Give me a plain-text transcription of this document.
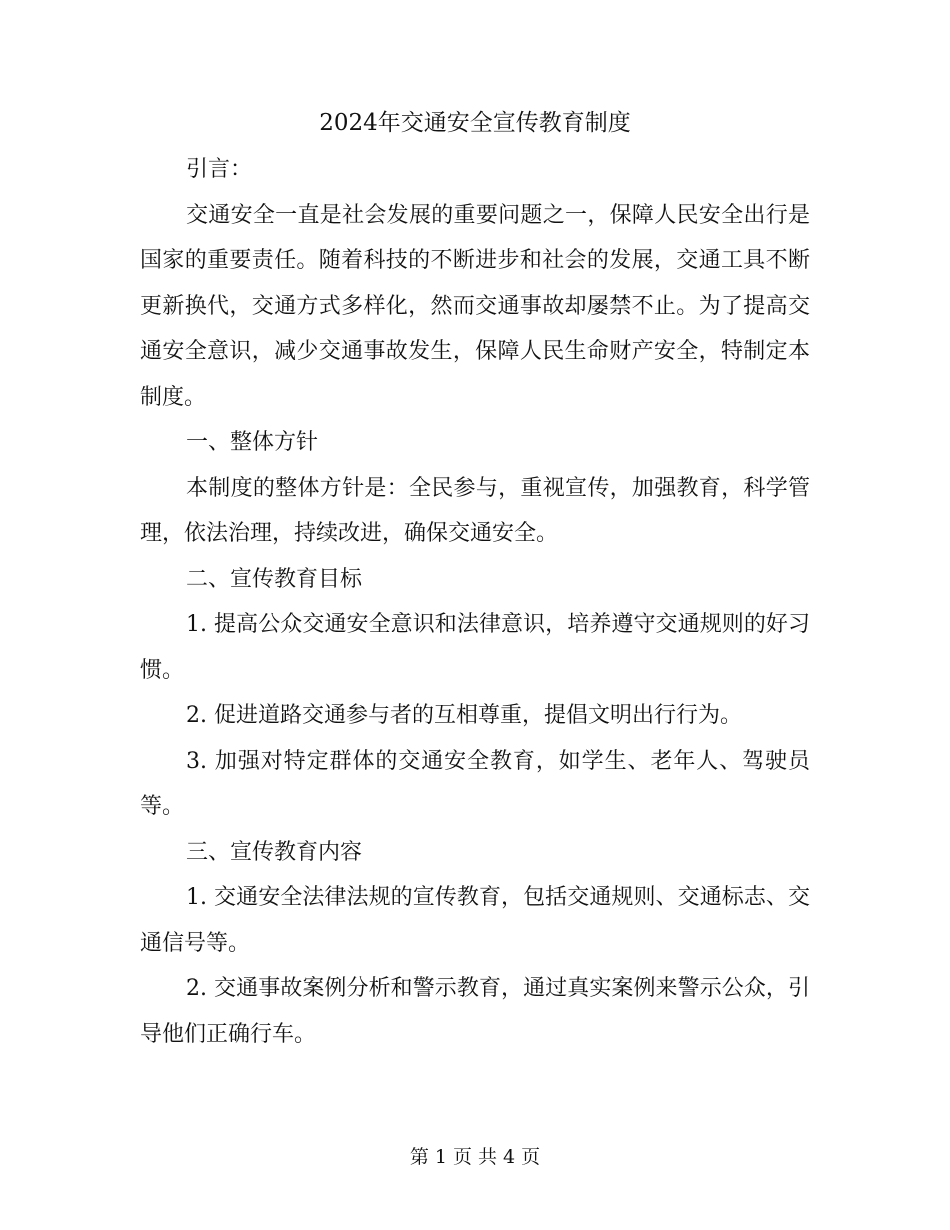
2024年交通安全宣传教育制度

引言：

交通安全一直是社会发展的重要问题之一，保障人民安全出行是国家的重要责任。随着科技的不断进步和社会的发展，交通工具不断更新换代，交通方式多样化，然而交通事故却屡禁不止。为了提高交通安全意识，减少交通事故发生，保障人民生命财产安全，特制定本制度。

一、整体方针

本制度的整体方针是：全民参与，重视宣传，加强教育，科学管理，依法治理，持续改进，确保交通安全。

二、宣传教育目标

1. 提高公众交通安全意识和法律意识，培养遵守交通规则的好习惯。

2. 促进道路交通参与者的互相尊重，提倡文明出行行为。

3. 加强对特定群体的交通安全教育，如学生、老年人、驾驶员等。

三、宣传教育内容

1. 交通安全法律法规的宣传教育，包括交通规则、交通标志、交通信号等。

2. 交通事故案例分析和警示教育，通过真实案例来警示公众，引导他们正确行车。

第 1 页 共 4 页
